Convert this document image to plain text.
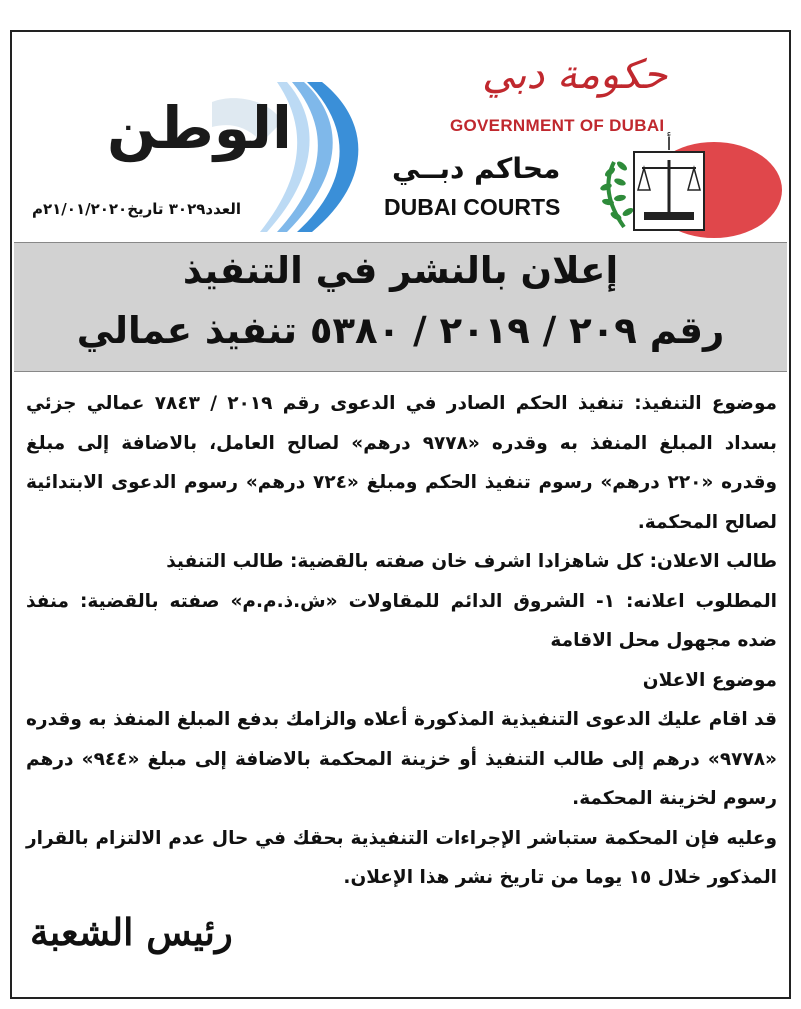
الوطن
العدد٣٠٢٩ تاريخ٢١/٠١/٢٠٢٠م
حكومة دبي
GOVERNMENT OF DUBAI
محاكم دبــي
DUBAI COURTS
أ
إعلان بالنشر في التنفيذ
رقم ٢٠٩ / ٢٠١٩ / ٥٣٨٠ تنفيذ عمالي

موضوع التنفيذ: تنفيذ الحكم الصادر في الدعوى رقم ٢٠١٩ / ٧٨٤٣ عمالي جزئي بسداد المبلغ المنفذ به وقدره «٩٧٧٨ درهم» لصالح العامل، بالاضافة إلى مبلغ وقدره «٢٢٠ درهم» رسوم تنفيذ الحكم ومبلغ «٧٢٤ درهم» رسوم الدعوى الابتدائية لصالح المحكمة.

طالب الاعلان: كل شاهزادا اشرف خان صفته بالقضية: طالب التنفيذ

المطلوب اعلانه: ١- الشروق الدائم للمقاولات «ش.ذ.م.م» صفته بالقضية: منفذ ضده مجهول محل الاقامة

موضوع الاعلان

قد اقام عليك الدعوى التنفيذية المذكورة أعلاه والزامك بدفع المبلغ المنفذ به وقدره «٩٧٧٨» درهم إلى طالب التنفيذ أو خزينة المحكمة بالاضافة إلى مبلغ «٩٤٤» درهم رسوم لخزينة المحكمة.

وعليه فإن المحكمة ستباشر الإجراءات التنفيذية بحقك في حال عدم الالتزام بالقرار المذكور خلال ١٥ يوما من تاريخ نشر هذا الإعلان.

رئيس الشعبة
